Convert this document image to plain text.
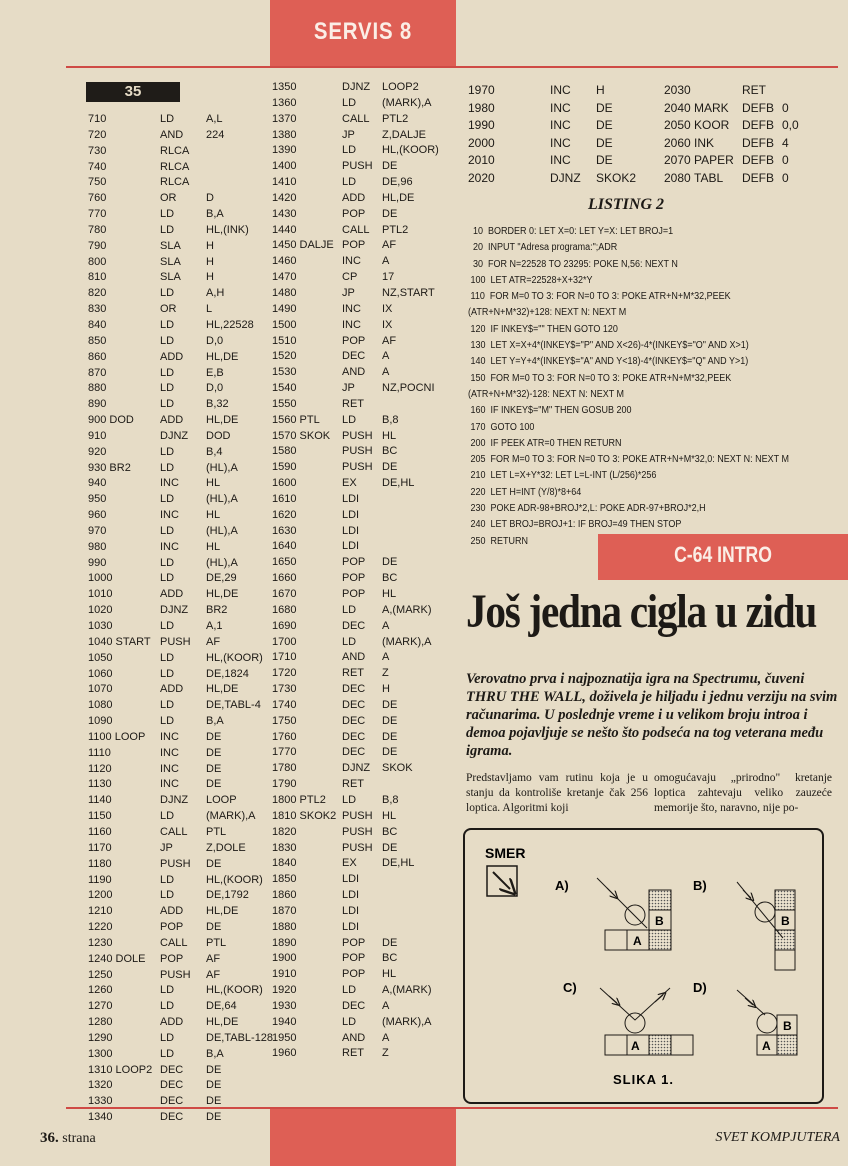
SERVIS 8
35
710	LD	A,L
720	AND 224
730	RLCA
740	RLCA
750	RLCA
760	OR	D
770	LD	B,A
780	LD	HL,(INK)
790	SLA H
800	SLA H
810	SLA H
820	LD	A,H
830	OR	L
840	LD	HL,22528
850	LD	D,0
860	ADD HL,DE
870	LD	E,B
880	LD	D,0
890	LD	B,32
900 DOD ADD HL,DE
910	DJNZ DOD
920	LD	B,4
930 BR2	LD	(HL),A
940	INC HL
950	LD	(HL),A
960	INC HL
970	LD	(HL),A
980	INC HL
990	LD	(HL),A
1000	LD	DE,29
1010	ADD HL,DE
1020	DJNZ BR2
1030	LD	A,1
1040 START PUSH AF
1050	LD	HL,(KOOR)
1060	LD	DE,1824
1070	ADD HL,DE
1080	LD	DE,TABL-4
1090	LD	B,A
1100 LOOP INC DE
1110	INC DE
1120	INC DE
1130	INC DE
1140	DJNZ LOOP
1150	LD	(MARK),A
1160	CALL PTL
1170	JP	Z,DOLE
1180	PUSH DE
1190	LD	HL,(KOOR)
1200	LD	DE,1792
1210	ADD HL,DE
1220	POP DE
1230	CALL PTL
1240 DOLE POP AF
1250	PUSH AF
1260	LD	HL,(KOOR)
1270	LD	DE,64
1280	ADD HL,DE
1290	LD	DE,TABL-128
1300	LD	B,A
1310 LOOP2 DEC DE
1320	DEC DE
1330	DEC DE
1340	DEC DE
1350	DJNZ LOOP2
1360	LD (MARK),A
1370	CALL PTL2
1380	JP Z,DALJE
1390	LD HL,(KOOR)
1400	PUSH DE
1410	LD DE,96
1420	ADD HL,DE
1430	POP DE
1440	CALL PTL2
1450 DALJE POP AF
1460	INC A
1470	CP 17
1480	JP NZ,START
1490	INC IX
1500	INC IX
1510	POP AF
1520	DEC A
1530	AND A
1540	JP NZ,POCNI
1550	RET
1560 PTL LD B,8
1570 SKOK PUSH HL
1580	PUSH BC
1590	PUSH DE
1600	EX DE,HL
1610	LDI
1620	LDI
1630	LDI
1640	LDI
1650	POP DE
1660	POP BC
1670	POP HL
1680	LD A,(MARK)
1690	DEC A
1700	LD (MARK),A
1710	AND A
1720	RET Z
1730	DEC H
1740	DEC DE
1750	DEC DE
1760	DEC DE
1770	DEC DE
1780	DJNZ SKOK
1790	RET
1800 PTL2 LD B,8
1810 SKOK2 PUSH HL
1820	PUSH BC
1830	PUSH DE
1840	EX DE,HL
1850	LDI
1860	LDI
1870	LDI
1880	LDI
1890	POP DE
1900	POP BC
1910	POP HL
1920	LD A,(MARK)
1930	DEC A
1940	LD (MARK),A
1950	AND A
1960	RET Z
1970	INC H
1980	INC DE
1990	INC DE
2000	INC DE
2010	INC DE
2020	DJNZ SKOK2
2030	RET
2040 MARK DEFB 0
2050 KOOR DEFB 0,0
2060 INK DEFB 4
2070 PAPER DEFB 0
2080 TABL DEFB 0
LISTING 2
10  BORDER 0: LET X=0: LET Y=X: LET BROJ=1
20  INPUT "Adresa programa:";ADR
30  FOR N=22528 TO 23295: POKE N,56: NEXT N
100  LET ATR=22528+X+32*Y
110  FOR M=0 TO 3: FOR N=0 TO 3: POKE ATR+N+M*32,PEEK
(ATR+N+M*32)+128: NEXT N: NEXT M
120  IF INKEY$="" THEN GOTO 120
130  LET X=X+4*(INKEY$="P" AND X<26)-4*(INKEY$="O" AND X>1)
140  LET Y=Y+4*(INKEY$="A" AND Y<18)-4*(INKEY$="Q" AND Y>1)
150  FOR M=0 TO 3: FOR N=0 TO 3: POKE ATR+N+M*32,PEEK
(ATR+N+M*32)-128: NEXT N: NEXT M
160  IF INKEY$="M" THEN GOSUB 200
170  GOTO 100
200  IF PEEK ATR=0 THEN RETURN
205  FOR M=0 TO 3: FOR N=0 TO 3: POKE ATR+N+M*32,0: NEXT N: NEXT M
210  LET L=X+Y*32: LET L=L-INT (L/256)*256
220  LET H=INT (Y/8)*8+64
230  POKE ADR-98+BROJ*2,L: POKE ADR-97+BROJ*2,H
240  LET BROJ=BROJ+1: IF BROJ=49 THEN STOP
250  RETURN
C-64 INTRO
Još jedna cigla u zidu
Verovatno prva i najpoznatija igra na Spectrumu, čuveni THRU THE WALL, doživela je hiljadu i jednu verziju na svim računarima. U poslednje vreme i u velikom broju introa i demoa pojavljuje se nešto što podseća na tog veterana među igrama.
Predstavljamo vam rutinu koja je u stanju da kontroliše kretanje čak 256 loptica. Algoritmi koji
omogućavaju „prirodno" kretanje loptica zahtevaju veliko zauzeće memorije što, naravno, nije po-
SMER
A)
A
B
B)
B
C)
A
D)
A
B
SLIKA 1.
36. strana	SVET KOMPJUTERA
